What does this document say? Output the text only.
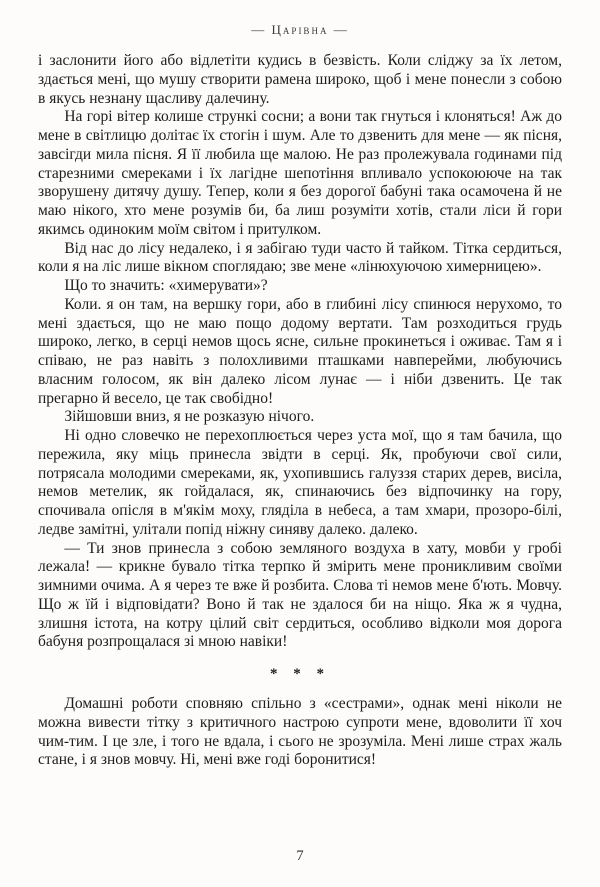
— Царівна —

і заслонити його або відлетіти кудись в безвість. Коли сліджу за їх летом, здається мені, що мушу створити рамена широко, щоб і мене понесли з собою в якусь незнану щасливу далечину.

На горі вітер колише стрункі сосни; а вони так гнуться і клоняться! Аж до мене в світлицю долітає їх стогін і шум. Але то дзвенить для мене — як пісня, завсігди мила пісня. Я її любила ще малою. Не раз пролежувала годинами під старезними смереками і їх лагідне шепотіння впливало успокоююче на так зворушену дитячу душу. Тепер, коли я без дорогої бабуні така осамочена й не маю нікого, хто мене розумів би, ба лиш розуміти хотів, стали ліси й гори якимсь одиноким моїм світом і притулком.

Від нас до лісу недалеко, і я забігаю туди часто й тайком. Тітка сердиться, коли я на ліс лише вікном споглядаю; зве мене «лінюхуючою химерницею».

Що то значить: «химерувати»?

Коли. я он там, на вершку гори, або в глибині лісу спинюся нерухомо, то мені здається, що не маю пощо додому вертати. Там розходиться грудь широко, легко, в серці немов щось ясне, сильне прокинеться і оживає. Там я і співаю, не раз навіть з полохливими пташками навперейми, любуючись власним голосом, як він далеко лісом лунає — і ніби дзвенить. Це так прегарно й весело, це так свобідно!

Зійшовши вниз, я не розказую нічого.

Ні одно словечко не перехоплюється через уста мої, що я там бачила, що пережила, яку міць принесла звідти в серці. Як, пробуючи свої сили, потрясала молодими смереками, як, ухопившись галуззя старих дерев, висіла, немов метелик, як гойдалася, як, спинаючись без відпочинку на гору, спочивала опісля в м'якім моху, гляділа в небеса, а там хмари, прозоро-білі, ледве замітні, улітали попід ніжну синяву далеко. далеко.

— Ти знов принесла з собою земляного воздуха в хату, мовби у гробі лежала! — крикне бувало тітка терпко й змірить мене проникливим своїми зимними очима. А я через те вже й розбита. Слова ті немов мене б'ють. Мовчу. Що ж їй і відповідати? Воно й так не здалося би на ніщо. Яка ж я чудна, злишня істота, на котру цілий світ сердиться, особливо відколи моя дорога бабуня розпрощалася зі мною навіки!

* * *

Домашні роботи сповняю спільно з «сестрами», однак мені ніколи не можна вивести тітку з критичного настрою супроти мене, вдоволити її хоч чим-тим. І це зле, і того не вдала, і сього не зрозуміла. Мені лише страх жаль стане, і я знов мовчу. Ні, мені вже годі боронитися!

7
